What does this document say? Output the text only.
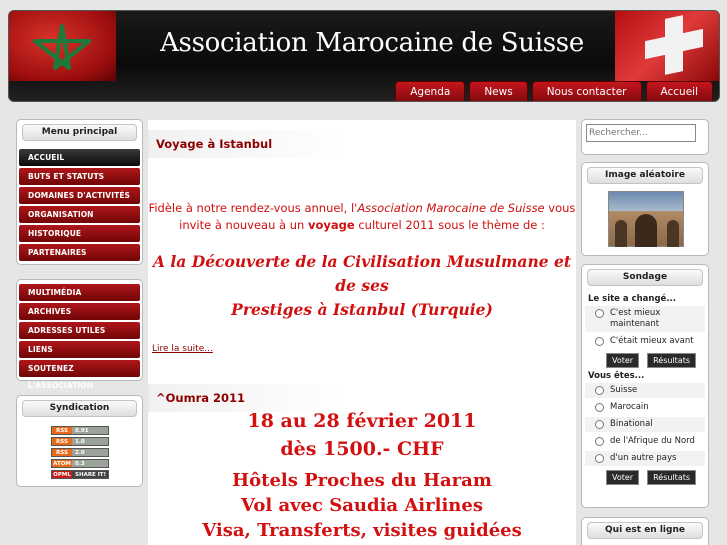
Association Marocaine de Suisse
Agenda	News	Nous contacter	Accueil
Menu principal
ACCUEIL
BUTS ET STATUTS
DOMAINES D'ACTIVITÉS
ORGANISATION
HISTORIQUE
PARTENAIRES
MULTIMÉDIA
ARCHIVES
ADRESSES UTILES
LIENS
SOUTENEZ L'ASSOCIATION
Syndication
RSS	0.91
RSS	1.0
RSS	2.0
ATOM 0.3
OPML SHARE IT!
Voyage à Istanbul
Fidèle à notre rendez-vous annuel, l'Association Marocaine de Suisse vous
invite à nouveau à un voyage culturel 2011 sous le thème de :
A la Découverte de la Civilisation Musulmane et de ses
Prestiges à Istanbul (Turquie)
Lire la suite...
^Oumra 2011
18 au 28 février 2011
dès 1500.- CHF
Hôtels Proches du Haram
Vol avec Saudia Airlines
Visa, Transferts, visites guidées
Rechercher...
Image aléatoire
Sondage
Le site a changé...
C'est mieux maintenant
C'était mieux avant
Voter	Résultats
Vous êtes...
Suisse
Marocain
Binational
de l'Afrique du Nord
d'un autre pays
Voter	Résultats
Qui est en ligne
